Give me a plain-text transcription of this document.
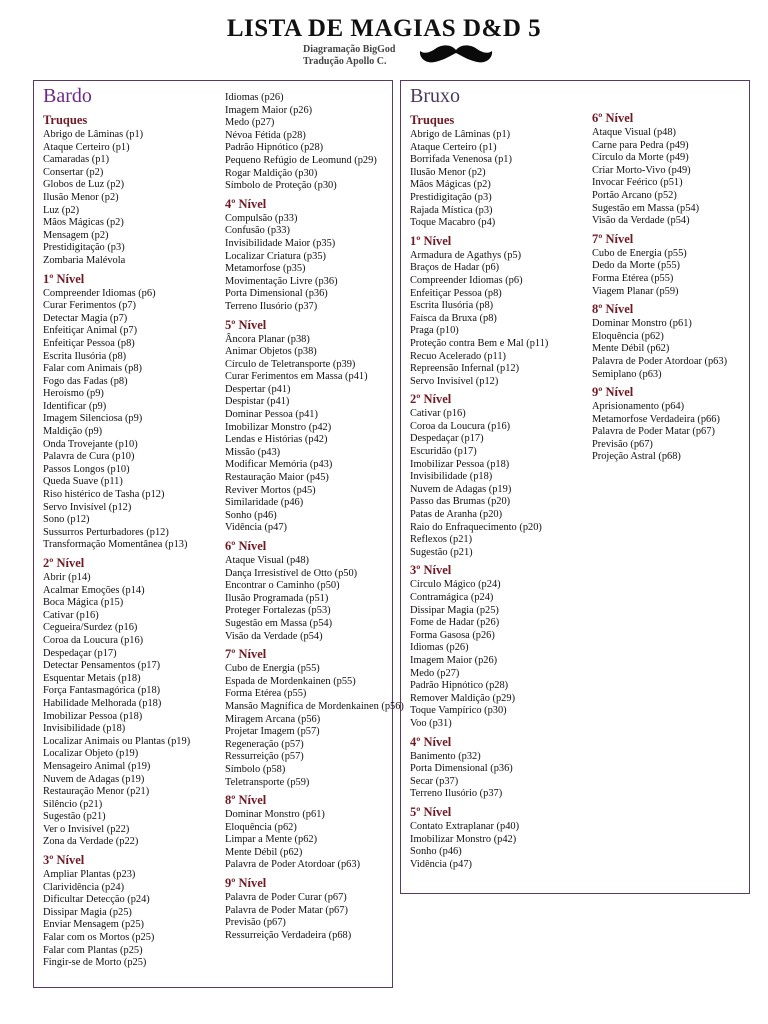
LISTA DE MAGIAS D&D 5
Diagramação BigGod
Tradução Apollo C.
Bardo
Truques
Abrigo de Lâminas (p1)
Ataque Certeiro (p1)
Camaradas (p1)
Consertar (p2)
Globos de Luz (p2)
Ilusão Menor (p2)
Luz (p2)
Mãos Mágicas (p2)
Mensagem (p2)
Prestidigitação (p3)
Zombaria Malévola
1º Nível
Compreender Idiomas (p6)
Curar Ferimentos (p7)
Detectar Magia (p7)
Enfeitiçar Animal (p7)
Enfeitiçar Pessoa (p8)
Escrita Ilusória (p8)
Falar com Animais (p8)
Fogo das Fadas (p8)
Heroísmo (p9)
Identificar (p9)
Imagem Silenciosa (p9)
Maldição (p9)
Onda Trovejante (p10)
Palavra de Cura (p10)
Passos Longos (p10)
Queda Suave (p11)
Riso histérico de Tasha (p12)
Servo Invisível (p12)
Sono (p12)
Sussurros Perturbadores (p12)
Transformação Momentânea (p13)
2º Nível
Abrir (p14)
Acalmar Emoções (p14)
Boca Mágica (p15)
Cativar (p16)
Cegueira/Surdez (p16)
Coroa da Loucura (p16)
Despedaçar (p17)
Detectar Pensamentos (p17)
Esquentar Metais (p18)
Força Fantasmagórica (p18)
Habilidade Melhorada (p18)
Imobilizar Pessoa (p18)
Invisibilidade (p18)
Localizar Animais ou Plantas (p19)
Localizar Objeto (p19)
Mensageiro Animal (p19)
Nuvem de Adagas (p19)
Restauração Menor (p21)
Silêncio (p21)
Sugestão (p21)
Ver o Invisível (p22)
Zona da Verdade (p22)
3º Nível
Ampliar Plantas (p23)
Clarividência (p24)
Dificultar Detecção (p24)
Dissipar Magia (p25)
Enviar Mensagem (p25)
Falar com os Mortos (p25)
Falar com Plantas (p25)
Fingir-se de Morto (p25)
Idiomas (p26)
Imagem Maior (p26)
Medo (p27)
Névoa Fétida (p28)
Padrão Hipnótico (p28)
Pequeno Refúgio de Leomund (p29)
Rogar Maldição (p30)
Símbolo de Proteção (p30)
4º Nível
Compulsão (p33)
Confusão (p33)
Invisibilidade Maior (p35)
Localizar Criatura (p35)
Metamorfose (p35)
Movimentação Livre (p36)
Porta Dimensional (p36)
Terreno Ilusório (p37)
5º Nível
Âncora Planar (p38)
Animar Objetos (p38)
Círculo de Teletransporte (p39)
Curar Ferimentos em Massa (p41)
Despertar (p41)
Despistar (p41)
Dominar Pessoa (p41)
Imobilizar Monstro (p42)
Lendas e Histórias (p42)
Missão (p43)
Modificar Memória (p43)
Restauração Maior (p45)
Reviver Mortos (p45)
Similaridade (p46)
Sonho (p46)
Vidência (p47)
6º Nível
Ataque Visual (p48)
Dança Irresistível de Otto (p50)
Encontrar o Caminho (p50)
Ilusão Programada (p51)
Proteger Fortalezas (p53)
Sugestão em Massa (p54)
Visão da Verdade (p54)
7º Nível
Cubo de Energia (p55)
Espada de Mordenkainen (p55)
Forma Etérea (p55)
Mansão Magnífica de Mordenkainen (p56)
Miragem Arcana (p56)
Projetar Imagem (p57)
Regeneração (p57)
Ressurreição (p57)
Símbolo (p58)
Teletransporte (p59)
8º Nível
Dominar Monstro (p61)
Eloquência (p62)
Limpar a Mente (p62)
Mente Débil (p62)
Palavra de Poder Atordoar (p63)
9º Nível
Palavra de Poder Curar (p67)
Palavra de Poder Matar (p67)
Previsão (p67)
Ressurreição Verdadeira (p68)
Bruxo
Truques
Abrigo de Lâminas (p1)
Ataque Certeiro (p1)
Borrifada Venenosa (p1)
Ilusão Menor (p2)
Mãos Mágicas (p2)
Prestidigitação (p3)
Rajada Mística (p3)
Toque Macabro (p4)
1º Nível
Armadura de Agathys (p5)
Braços de Hadar (p6)
Compreender Idiomas (p6)
Enfeitiçar Pessoa (p8)
Escrita Ilusória (p8)
Faísca da Bruxa (p8)
Praga (p10)
Proteção contra Bem e Mal (p11)
Recuo Acelerado (p11)
Repreensão Infernal (p12)
Servo Invisível (p12)
2º Nível
Cativar (p16)
Coroa da Loucura (p16)
Despedaçar (p17)
Escuridão (p17)
Imobilizar Pessoa (p18)
Invisibilidade (p18)
Nuvem de Adagas (p19)
Passo das Brumas (p20)
Patas de Aranha (p20)
Raio do Enfraquecimento (p20)
Reflexos (p21)
Sugestão (p21)
3º Nível
Círculo Mágico (p24)
Contramágica (p24)
Dissipar Magia (p25)
Fome de Hadar (p26)
Forma Gasosa (p26)
Idiomas (p26)
Imagem Maior (p26)
Medo (p27)
Padrão Hipnótico (p28)
Remover Maldição (p29)
Toque Vampírico (p30)
Voo (p31)
4º Nível
Banimento (p32)
Porta Dimensional (p36)
Secar (p37)
Terreno Ilusório (p37)
5º Nível
Contato Extraplanar (p40)
Imobilizar Monstro (p42)
Sonho (p46)
Vidência (p47)
6º Nível
Ataque Visual (p48)
Carne para Pedra (p49)
Círculo da Morte (p49)
Criar Morto-Vivo (p49)
Invocar Feérico (p51)
Portão Arcano (p52)
Sugestão em Massa (p54)
Visão da Verdade (p54)
7º Nível
Cubo de Energia (p55)
Dedo da Morte (p55)
Forma Etérea (p55)
Viagem Planar (p59)
8º Nível
Dominar Monstro (p61)
Eloquência (p62)
Mente Débil (p62)
Palavra de Poder Atordoar (p63)
Semiplano (p63)
9º Nível
Aprisionamento (p64)
Metamorfose Verdadeira (p66)
Palavra de Poder Matar (p67)
Previsão (p67)
Projeção Astral (p68)
